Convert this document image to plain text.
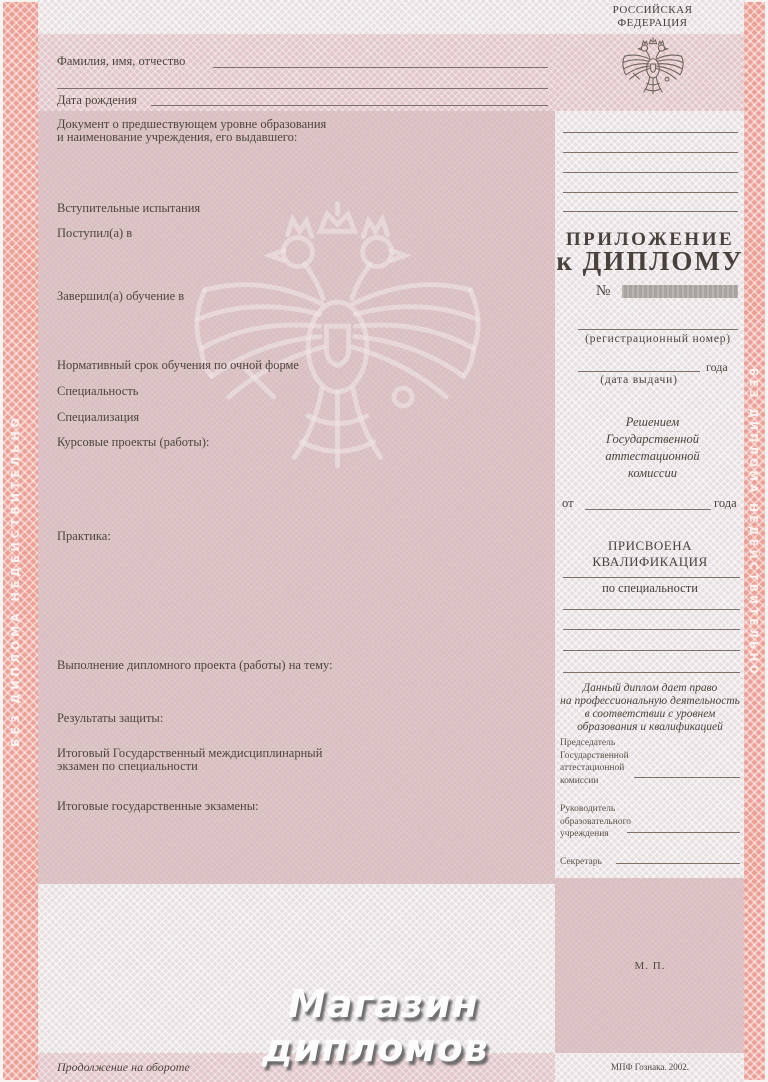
БЕЗ ДИПЛОМА НЕДЕЙСТВИТЕЛЬНО	БЕЗ ДИПЛОМА НЕДЕЙСТВИТЕЛЬНО
Фамилия, имя, отчество
Дата рождения
Документ о предшествующем уровне образования
и наименование учреждения, его выдавшего:
Вступительные испытания
Поступил(а) в
Завершил(а) обучение в
Нормативный срок обучения по очной форме
Специальность
Специализация
Курсовые проекты (работы):
Практика:
Выполнение дипломного проекта (работы) на тему:
Результаты защиты:
Итоговый Государственный междисциплинарный
экзамен по специальности
Итоговые государственные экзамены:
Продолжение на обороте
РОССИЙСКАЯ
ФЕДЕРАЦИЯ
ПРИЛОЖЕНИЕ
к ДИПЛОМУ
№
(регистрационный номер)
года
(дата выдачи)
Решением
Государственной
аттестационной
комиссии
от	года
ПРИСВОЕНА КВАЛИФИКАЦИЯ
по специальности
Данный диплом дает право
на профессиональную деятельность
в соответствии с уровнем
образования и квалификацией
Председатель
Государственной
аттестационной
комиссии
Руководитель
образовательного
учреждения
Секретарь
М. П.
МПФ Гознака. 2002.
Магазин
дипломов
